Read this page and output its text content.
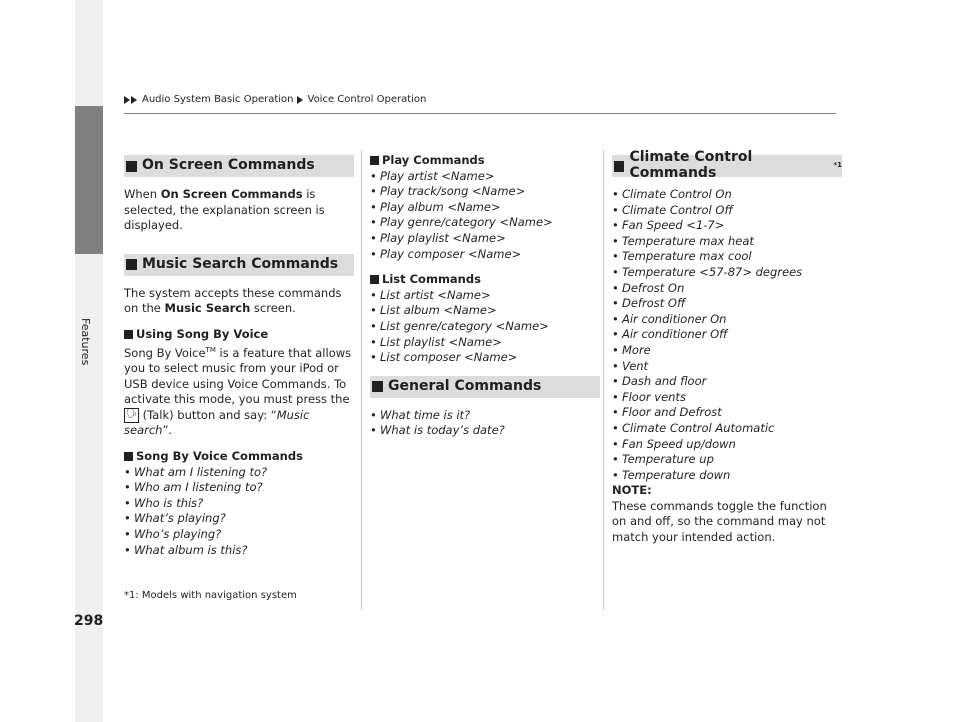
Features
298
Audio System Basic Operation Voice Control Operation
On Screen Commands

When On Screen Commands is selected, the explanation screen is displayed.

Music Search Commands

The system accepts these commands on the Music Search screen.

Using Song By Voice

Song By Voice™ is a feature that allows you to select music from your iPod or USB device using Voice Commands. To activate this mode, you must press the 🗣 (Talk) button and say: “Music search”.

Song By Voice Commands
• What am I listening to?
• Who am I listening to?
• Who is this?
• What’s playing?
• Who’s playing?
• What album is this?
*1: Models with navigation system
Play Commands
• Play artist <Name>
• Play track/song <Name>
• Play album <Name>
• Play genre/category <Name>
• Play playlist <Name>
• Play composer <Name>
List Commands
• List artist <Name>
• List album <Name>
• List genre/category <Name>
• List playlist <Name>
• List composer <Name>
General Commands
• What time is it?
• What is today’s date?
Climate Control Commands	*1
• Climate Control On
• Climate Control Off
• Fan Speed <1-7>
• Temperature max heat
• Temperature max cool
• Temperature <57-87> degrees
• Defrost On
• Defrost Off
• Air conditioner On
• Air conditioner Off
• More
• Vent
• Dash and floor
• Floor vents
• Floor and Defrost
• Climate Control Automatic
• Fan Speed up/down
• Temperature up
• Temperature down
NOTE:
These commands toggle the function on and off, so the command may not match your intended action.
